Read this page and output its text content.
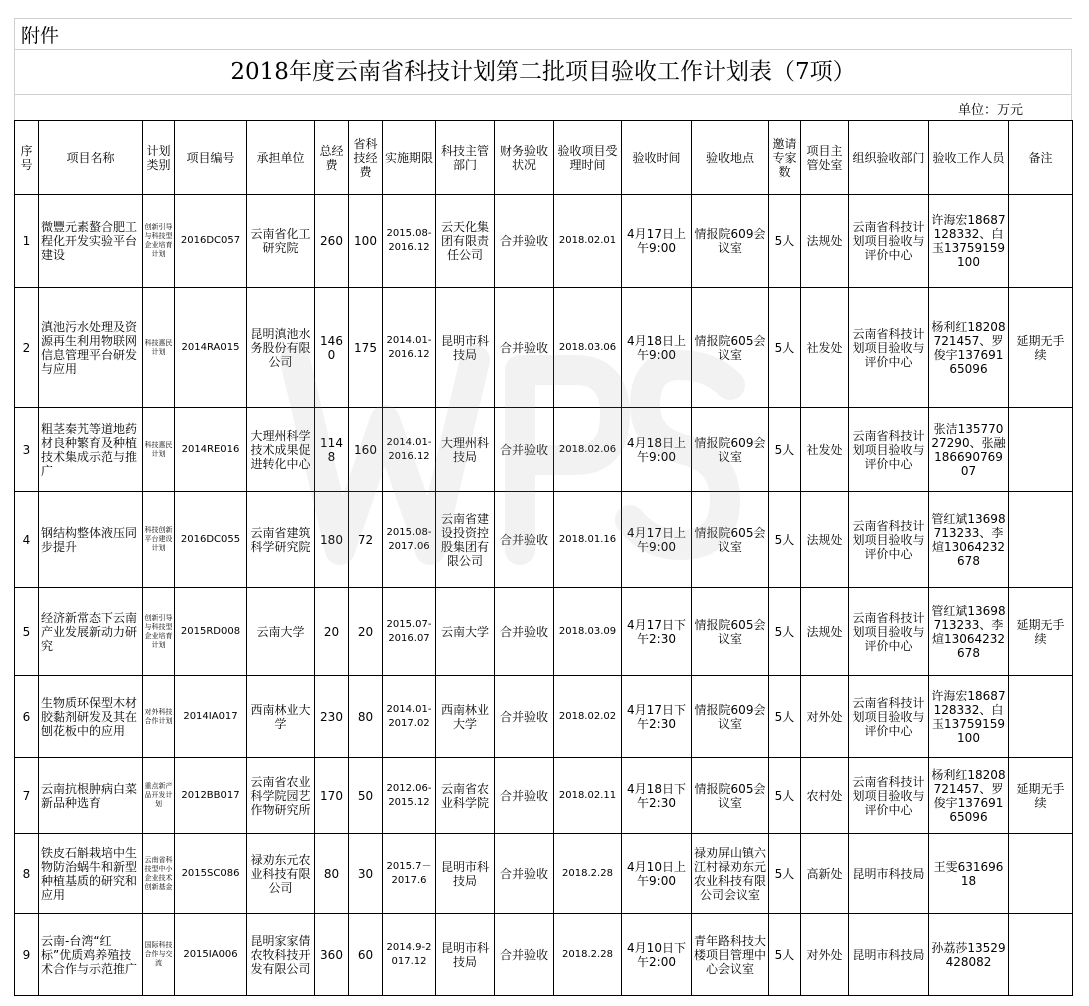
附件
2018年度云南省科技计划第二批项目验收工作计划表（7项）
单位：万元
序号	项目名称	计划类别	项目编号	承担单位	总经费	省科技经费	实施期限	科技主管部门	财务验收状况	验收项目受理时间	验收时间	验收地点	邀请专家数	项目主管处室	组织验收部门	验收工作人员	备注
1	微豐元素螯合肥工程化开发实验平台建设	创新引导与科技型企业培育计划	2016DC057	云南省化工研究院	260	100	2015.08-2016.12	云天化集团有限责任公司	合并验收	2018.02.01	4月17日上午9:00	情报院609会议室	5人	法规处	云南省科技计划项目验收与评价中心	许海宏18687128332、白玉13759159100	
2	滇池污水处理及资源再生利用物联网信息管理平台研发与应用	科技惠民计划	2014RA015	昆明滇池水务股份有限公司	1460	175	2014.01-2016.12	昆明市科技局	合并验收	2018.03.06	4月18日上午9:00	情报院605会议室	5人	社发处	云南省科技计划项目验收与评价中心	杨利红18208721457、罗俊宇13769165096	延期无手续
3	粗茎秦艽等道地药材良种繁育及种植技术集成示范与推广	科技惠民计划	2014RE016	大理州科学技术成果促进转化中心	1148	160	2014.01-2016.12	大理州科技局	合并验收	2018.02.06	4月18日上午9:00	情报院609会议室	5人	社发处	云南省科技计划项目验收与评价中心	张洁13577027290、张融18669076907	
4	钢结构整体液压同步提升	科技创新平台建设计划	2016DC055	云南省建筑科学研究院	180	72	2015.08-2017.06	云南省建设投资控股集团有限公司	合并验收	2018.01.16	4月17日上午9:00	情报院605会议室	5人	法规处	云南省科技计划项目验收与评价中心	管红斌13698713233、李煊13064232678	
5	经济新常态下云南产业发展新动力研究	创新引导与科技型企业培育计划	2015RD008	云南大学	20	20	2015.07-2016.07	云南大学	合并验收	2018.03.09	4月17日下午2:30	情报院605会议室	5人	法规处	云南省科技计划项目验收与评价中心	管红斌13698713233、李煊13064232678	延期无手续
6	生物质环保型木材胶黏剂研发及其在刨花板中的应用	对外科技合作计划	2014IA017	西南林业大学	230	80	2014.01-2017.02	西南林业大学	合并验收	2018.02.02	4月17日下午2:30	情报院609会议室	5人	对外处	云南省科技计划项目验收与评价中心	许海宏18687128332、白玉13759159100	
7	云南抗根肿病白菜新品种选育	重点新产品开发计划	2012BB017	云南省农业科学院园艺作物研究所	170	50	2012.06-2015.12	云南省农业科学院	合并验收	2018.02.11	4月18日下午2:30	情报院605会议室	5人	农村处	云南省科技计划项目验收与评价中心	杨利红18208721457、罗俊宇13769165096	延期无手续
8	铁皮石斛栽培中生物防治蜗牛和新型种植基质的研究和应用	云南省科技型中小企业技术创新基金	2015SC086	禄劝东元农业科技有限公司	80	30	2015.7－2017.6	昆明市科技局	合并验收	2018.2.28	4月10日上午9:00	禄劝屏山镇六江村禄劝东元农业科技有限公司会议室	5人	高新处	昆明市科技局	王雯63169618	
9	云南-台湾“红标”优质鸡养殖技术合作与示范推广	国际科技合作与交流	2015IA006	昆明家家倩农牧科技开发有限公司	360	60	2014.9-2017.12	昆明市科技局	合并验收	2018.2.28	4月10日下午2:00	青年路科技大楼项目管理中心会议室	5人	对外处	昆明市科技局	孙荔莎13529428082	
